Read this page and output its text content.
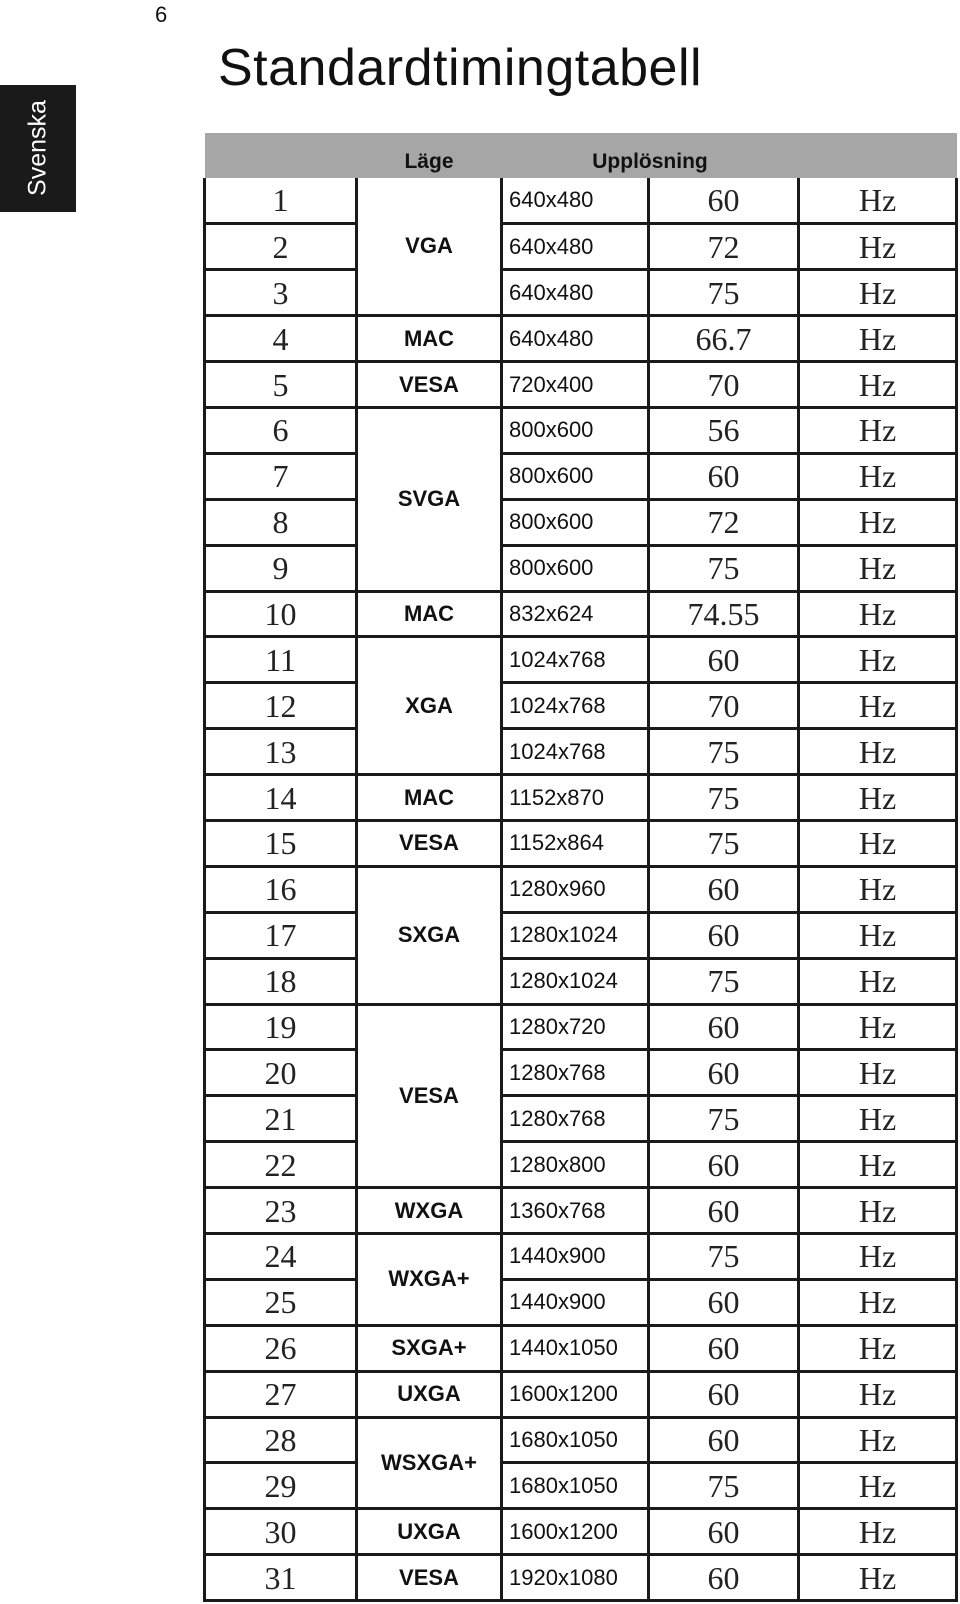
6
Svenska
Standardtimingtabell
	Läge	Upplösning		
1	VGA	640x480	60	Hz
2		640x480	72	Hz
3		640x480	75	Hz
4	MAC	640x480	66.7	Hz
5	VESA	720x400	70	Hz
6	SVGA	800x600	56	Hz
7		800x600	60	Hz
8		800x600	72	Hz
9		800x600	75	Hz
10	MAC	832x624	74.55	Hz
11	XGA	1024x768	60	Hz
12		1024x768	70	Hz
13		1024x768	75	Hz
14	MAC	1152x870	75	Hz
15	VESA	1152x864	75	Hz
16	SXGA	1280x960	60	Hz
17		1280x1024	60	Hz
18		1280x1024	75	Hz
19	VESA	1280x720	60	Hz
20		1280x768	60	Hz
21		1280x768	75	Hz
22		1280x800	60	Hz
23	WXGA	1360x768	60	Hz
24	WXGA+	1440x900	75	Hz
25		1440x900	60	Hz
26	SXGA+	1440x1050	60	Hz
27	UXGA	1600x1200	60	Hz
28	WSXGA+	1680x1050	60	Hz
29		1680x1050	75	Hz
30	UXGA	1600x1200	60	Hz
31	VESA	1920x1080	60	Hz
